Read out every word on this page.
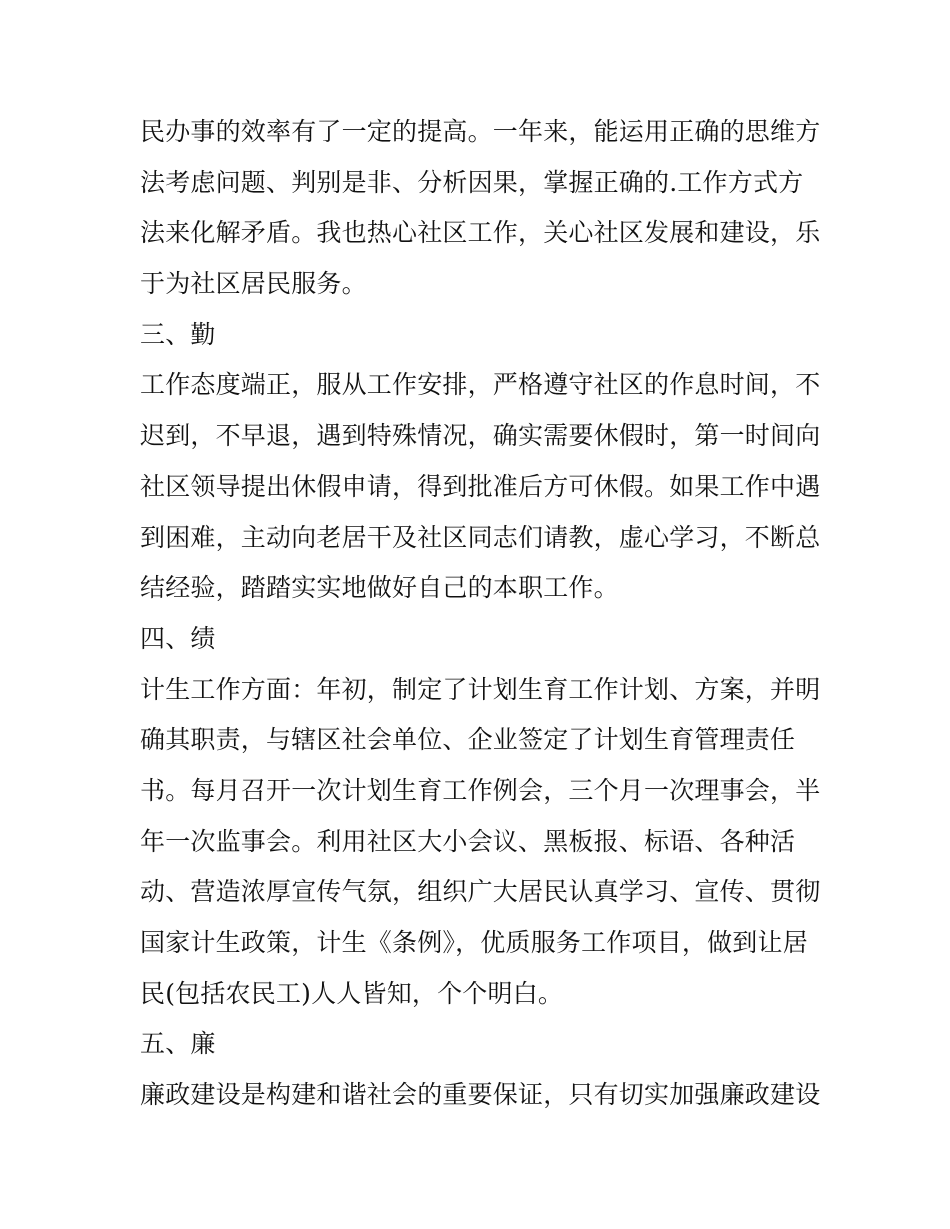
民办事的效率有了一定的提高。一年来，能运用正确的思维方
法考虑问题、判别是非、分析因果，掌握正确的.工作方式方
法来化解矛盾。我也热心社区工作，关心社区发展和建设，乐
于为社区居民服务。
三、勤
工作态度端正，服从工作安排，严格遵守社区的作息时间，不
迟到，不早退，遇到特殊情况，确实需要休假时，第一时间向
社区领导提出休假申请，得到批准后方可休假。如果工作中遇
到困难，主动向老居干及社区同志们请教，虚心学习，不断总
结经验，踏踏实实地做好自己的本职工作。
四、绩
计生工作方面：年初，制定了计划生育工作计划、方案，并明
确其职责，与辖区社会单位、企业签定了计划生育管理责任
书。每月召开一次计划生育工作例会，三个月一次理事会，半
年一次监事会。利用社区大小会议、黑板报、标语、各种活
动、营造浓厚宣传气氛，组织广大居民认真学习、宣传、贯彻
国家计生政策，计生《条例》，优质服务工作项目，做到让居
民(包括农民工)人人皆知，个个明白。
五、廉
廉政建设是构建和谐社会的重要保证，只有切实加强廉政建设
